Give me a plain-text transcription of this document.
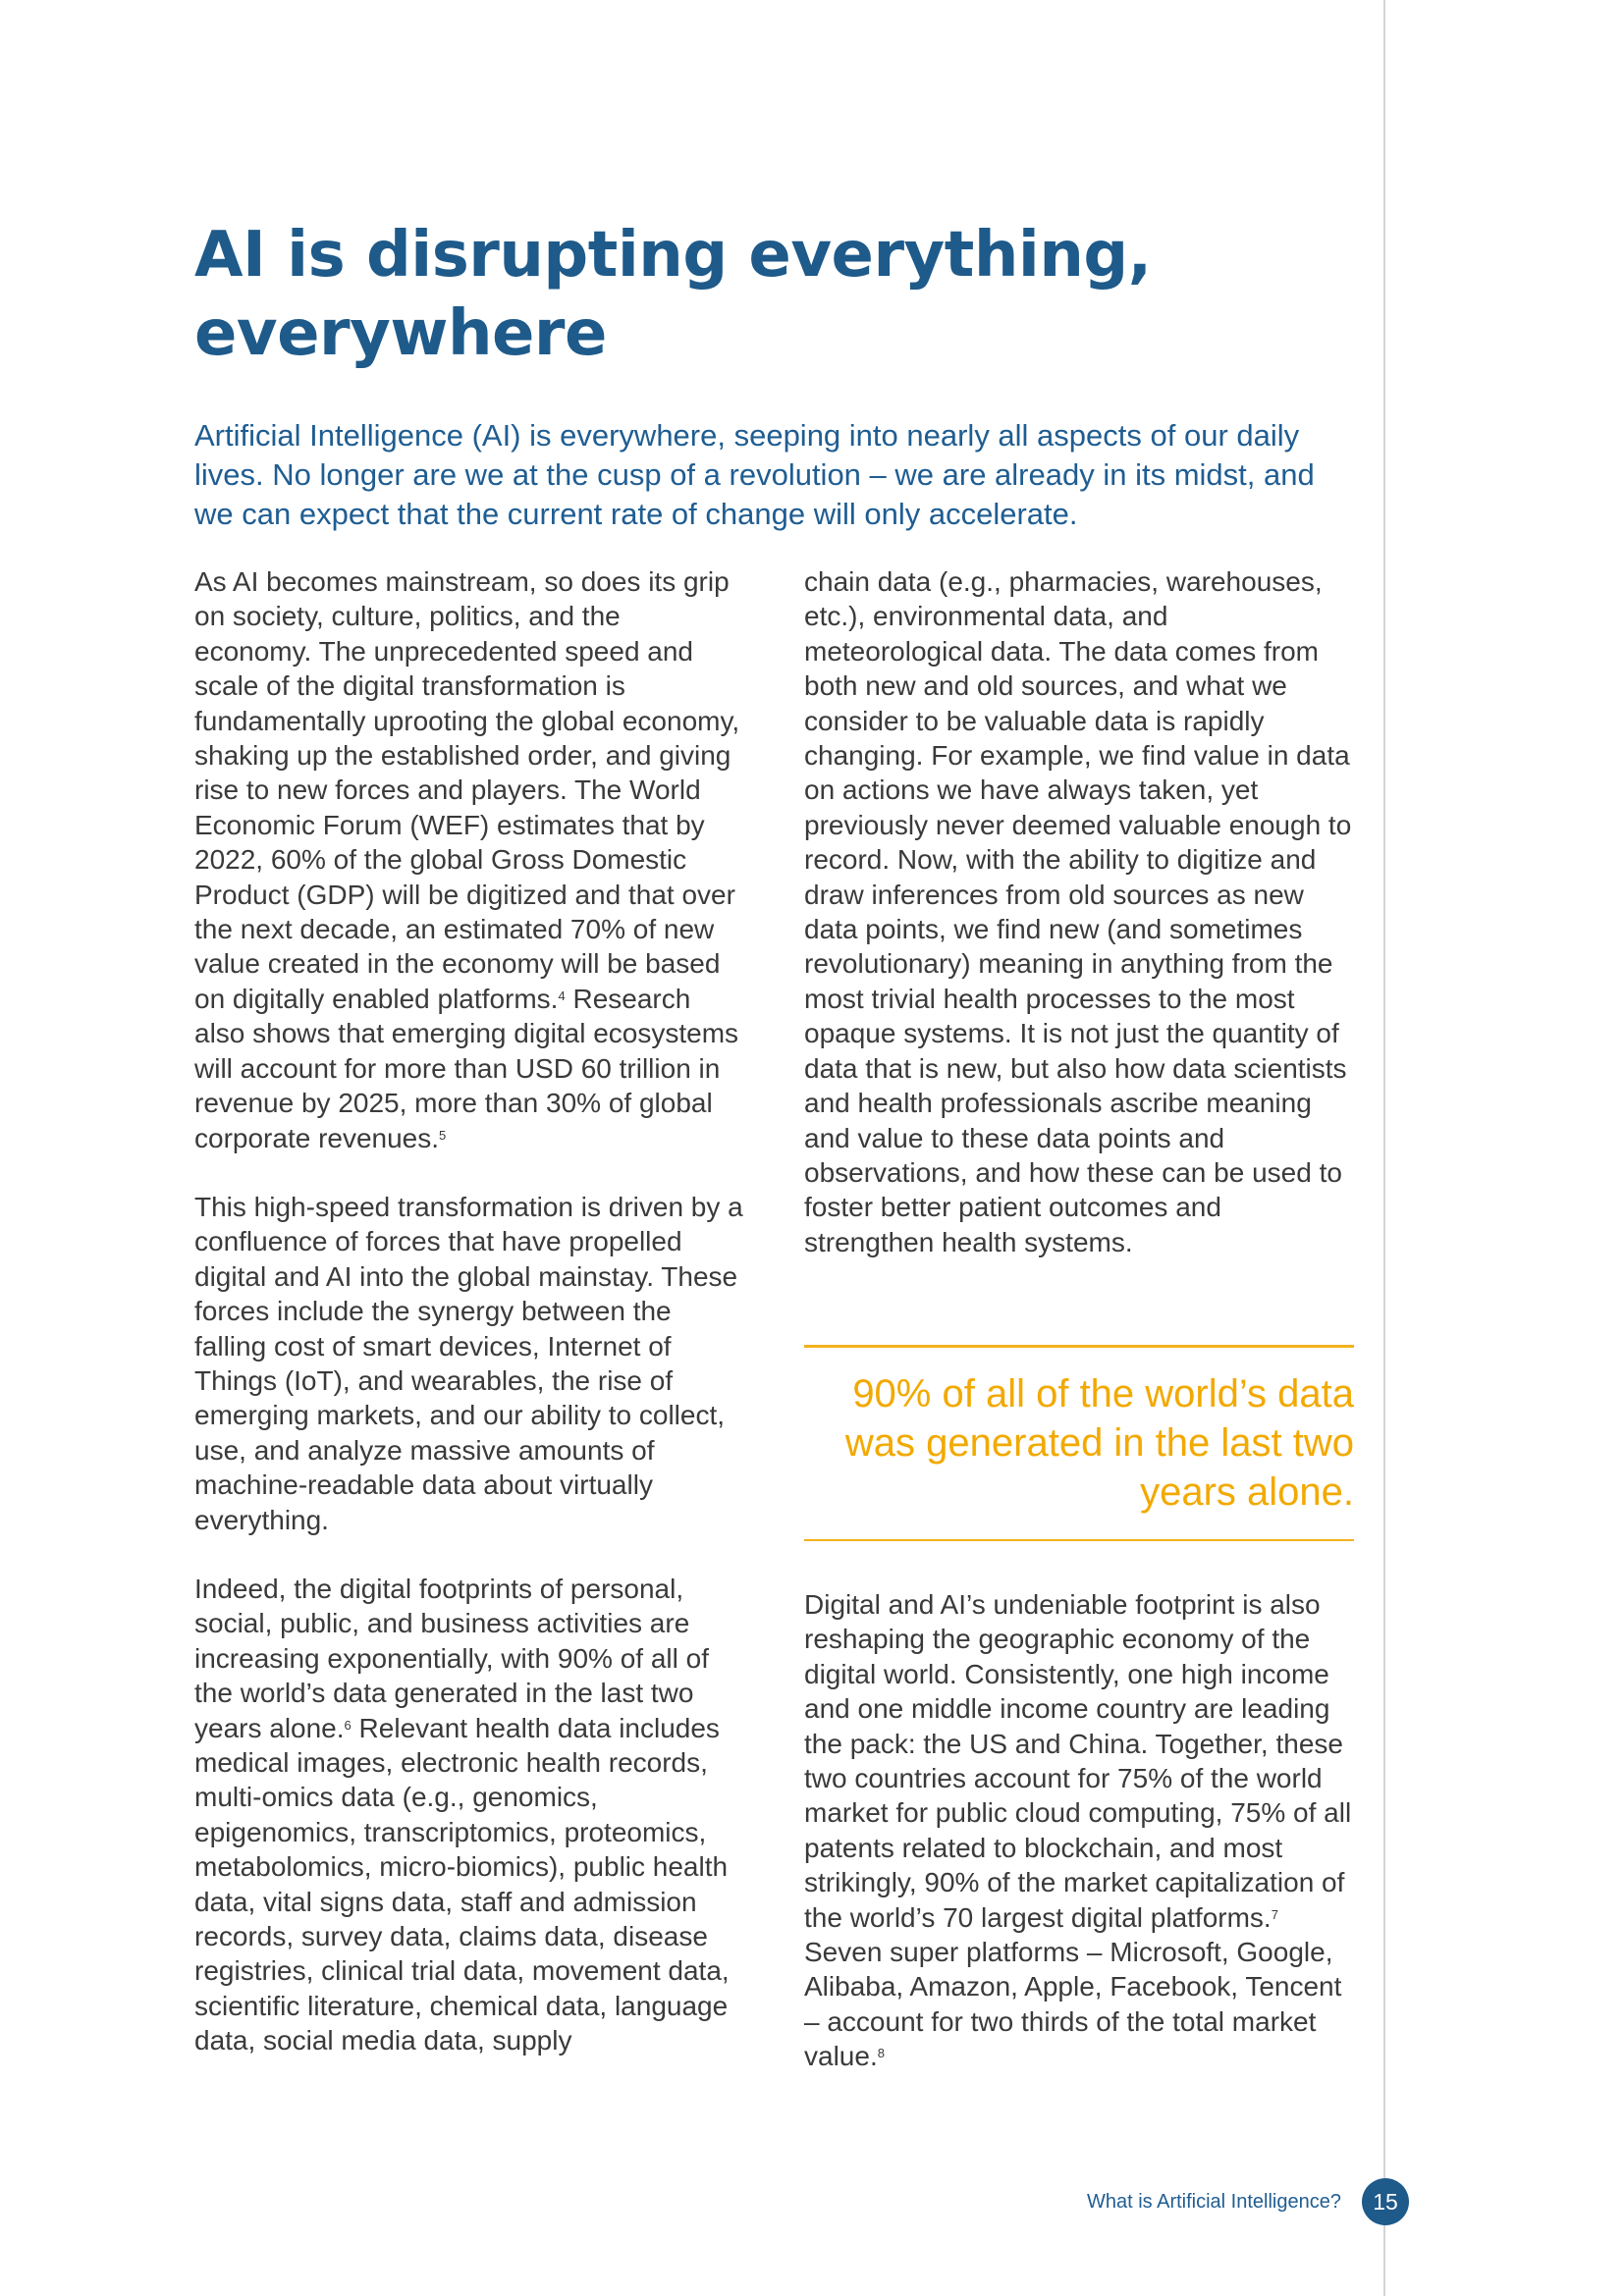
AI is disrupting everything, everywhere

Artificial Intelligence (AI) is everywhere, seeping into nearly all aspects of our daily lives. No longer are we at the cusp of a revolution – we are already in its midst, and we can expect that the current rate of change will only accelerate.

As AI becomes mainstream, so does its grip on society, culture, politics, and the economy. The unprecedented speed and scale of the digital transformation is fundamentally uprooting the global economy, shaking up the established order, and giving rise to new forces and players. The World Economic Forum (WEF) estimates that by 2022, 60% of the global Gross Domestic Product (GDP) will be digitized and that over the next decade, an estimated 70% of new value created in the economy will be based on digitally enabled platforms.$^4$ Research also shows that emerging digital ecosystems will account for more than USD 60 trillion in revenue by 2025, more than 30% of global corporate revenues.$^5$

This high-speed transformation is driven by a confluence of forces that have propelled digital and AI into the global mainstay. These forces include the synergy between the falling cost of smart devices, Internet of Things (IoT), and wearables, the rise of emerging markets, and our ability to collect, use, and analyze massive amounts of machine-readable data about virtually everything.

Indeed, the digital footprints of personal, social, public, and business activities are increasing exponentially, with 90% of all of the world’s data generated in the last two years alone.$^6$ Relevant health data includes medical images, electronic health records, multi-omics data (e.g., genomics, epigenomics, transcriptomics, proteomics, metabolomics, micro-biomics), public health data, vital signs data, staff and admission records, survey data, claims data, disease registries, clinical trial data, movement data, scientific literature, chemical data, language data, social media data, supply

chain data (e.g., pharmacies, warehouses, etc.), environmental data, and meteorological data. The data comes from both new and old sources, and what we consider to be valuable data is rapidly changing. For example, we find value in data on actions we have always taken, yet previously never deemed valuable enough to record. Now, with the ability to digitize and draw inferences from old sources as new data points, we find new (and sometimes revolutionary) meaning in anything from the most trivial health processes to the most opaque systems. It is not just the quantity of data that is new, but also how data scientists and health professionals ascribe meaning and value to these data points and observations, and how these can be used to foster better patient outcomes and strengthen health systems.

90% of all of the world’s data was generated in the last two years alone.

Digital and AI’s undeniable footprint is also reshaping the geographic economy of the digital world. Consistently, one high income and one middle income country are leading the pack: the US and China. Together, these two countries account for 75% of the world market for public cloud computing, 75% of all patents related to blockchain, and most strikingly, 90% of the market capitalization of the world’s 70 largest digital platforms.$^7$ Seven super platforms – Microsoft, Google, Alibaba, Amazon, Apple, Facebook, Tencent – account for two thirds of the total market value.$^8$

What is Artificial Intelligence?	15
